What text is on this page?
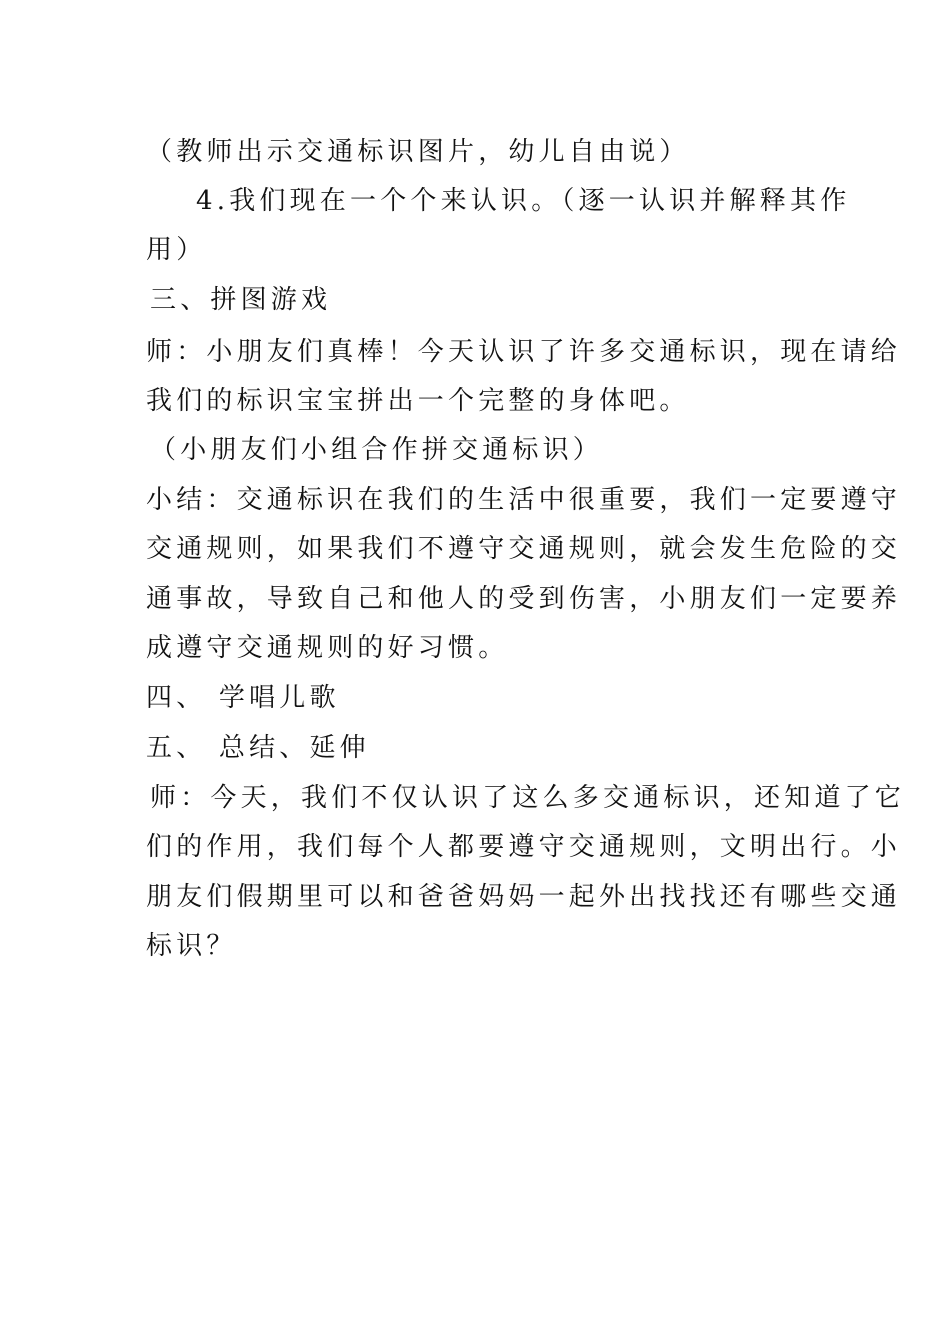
（教师出示交通标识图片，幼儿自由说）
4.我们现在一个个来认识。（逐一认识并解释其作
用）
三、拼图游戏
师：小朋友们真棒！今天认识了许多交通标识，现在请给
我们的标识宝宝拼出一个完整的身体吧。
（小朋友们小组合作拼交通标识）
小结：交通标识在我们的生活中很重要，我们一定要遵守
交通规则，如果我们不遵守交通规则，就会发生危险的交
通事故，导致自己和他人的受到伤害，小朋友们一定要养
成遵守交通规则的好习惯。
四、 学唱儿歌
五、 总结、延伸
师：今天，我们不仅认识了这么多交通标识，还知道了它
们的作用，我们每个人都要遵守交通规则，文明出行。小
朋友们假期里可以和爸爸妈妈一起外出找找还有哪些交通
标识？
